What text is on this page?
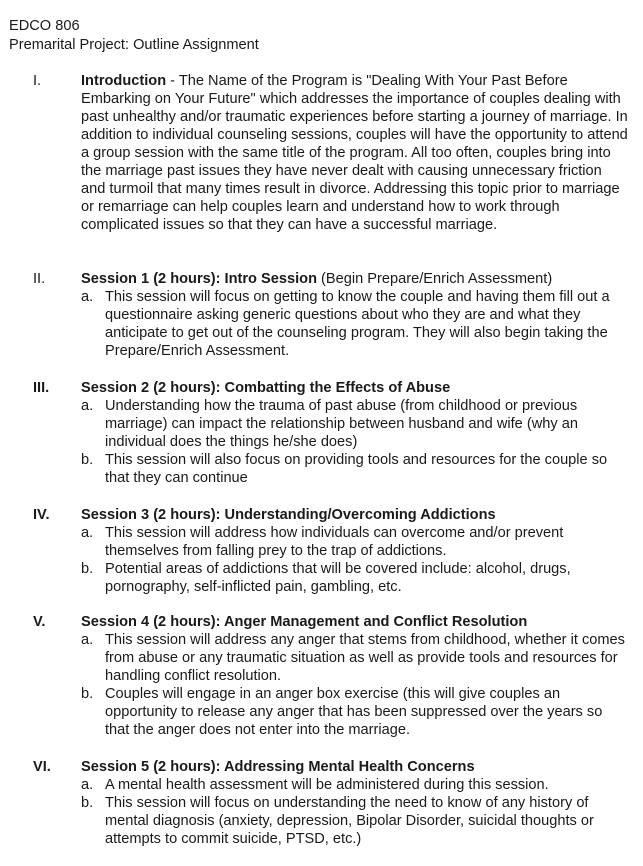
EDCO 806
Premarital Project: Outline Assignment
I.	Introduction - The Name of the Program is "Dealing With Your Past Before Embarking on Your Future" which addresses the importance of couples dealing with past unhealthy and/or traumatic experiences before starting a journey of marriage. In addition to individual counseling sessions, couples will have the opportunity to attend a group session with the same title of the program. All too often, couples bring into the marriage past issues they have never dealt with causing unnecessary friction and turmoil that many times result in divorce. Addressing this topic prior to marriage or remarriage can help couples learn and understand how to work through complicated issues so that they can have a successful marriage.
II. Session 1 (2 hours): Intro Session (Begin Prepare/Enrich Assessment)
a. This session will focus on getting to know the couple and having them fill out a questionnaire asking generic questions about who they are and what they anticipate to get out of the counseling program. They will also begin taking the Prepare/Enrich Assessment.
III. Session 2 (2 hours): Combatting the Effects of Abuse
a. Understanding how the trauma of past abuse (from childhood or previous marriage) can impact the relationship between husband and wife (why an individual does the things he/she does)
b. This session will also focus on providing tools and resources for the couple so that they can continue
IV. Session 3 (2 hours): Understanding/Overcoming Addictions
a. This session will address how individuals can overcome and/or prevent themselves from falling prey to the trap of addictions.
b. Potential areas of addictions that will be covered include: alcohol, drugs, pornography, self-inflicted pain, gambling, etc.
V. Session 4 (2 hours): Anger Management and Conflict Resolution
a. This session will address any anger that stems from childhood, whether it comes from abuse or any traumatic situation as well as provide tools and resources for handling conflict resolution.
b. Couples will engage in an anger box exercise (this will give couples an opportunity to release any anger that has been suppressed over the years so that the anger does not enter into the marriage.
VI. Session 5 (2 hours): Addressing Mental Health Concerns
a. A mental health assessment will be administered during this session.
b. This session will focus on understanding the need to know of any history of mental diagnosis (anxiety, depression, Bipolar Disorder, suicidal thoughts or attempts to commit suicide, PTSD, etc.)
